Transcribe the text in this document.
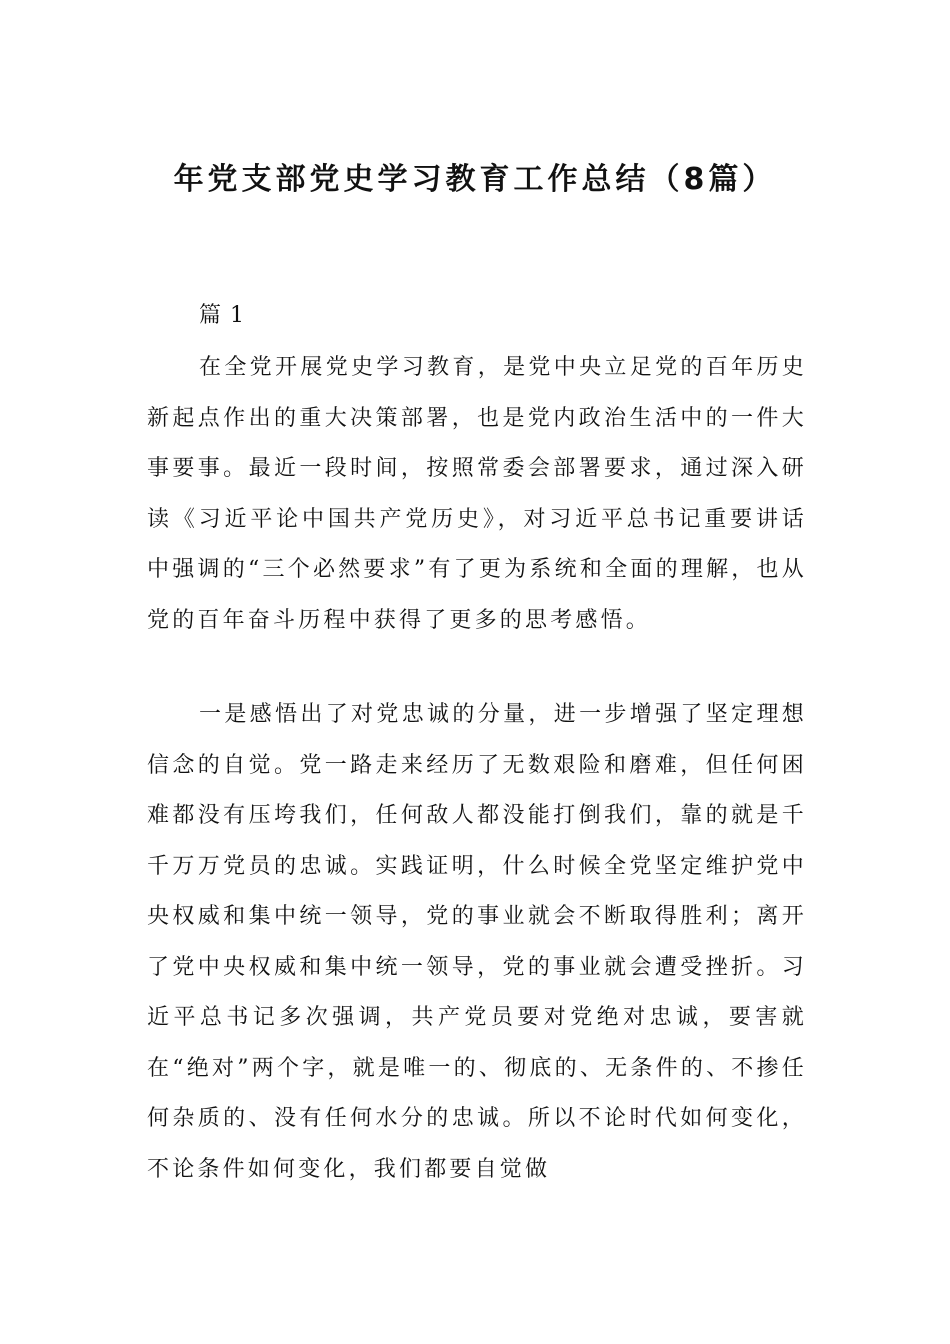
年党支部党史学习教育工作总结（8篇）

篇 1

在全党开展党史学习教育，是党中央立足党的百年历史新起点作出的重大决策部署，也是党内政治生活中的一件大事要事。最近一段时间，按照常委会部署要求，通过深入研读《习近平论中国共产党历史》，对习近平总书记重要讲话中强调的“三个必然要求”有了更为系统和全面的理解，也从党的百年奋斗历程中获得了更多的思考感悟。

一是感悟出了对党忠诚的分量，进一步增强了坚定理想信念的自觉。党一路走来经历了无数艰险和磨难，但任何困难都没有压垮我们，任何敌人都没能打倒我们，靠的就是千千万万党员的忠诚。实践证明，什么时候全党坚定维护党中央权威和集中统一领导，党的事业就会不断取得胜利；离开了党中央权威和集中统一领导，党的事业就会遭受挫折。习近平总书记多次强调，共产党员要对党绝对忠诚，要害就在“绝对”两个字，就是唯一的、彻底的、无条件的、不掺任何杂质的、没有任何水分的忠诚。所以不论时代如何变化，不论条件如何变化，我们都要自觉做
